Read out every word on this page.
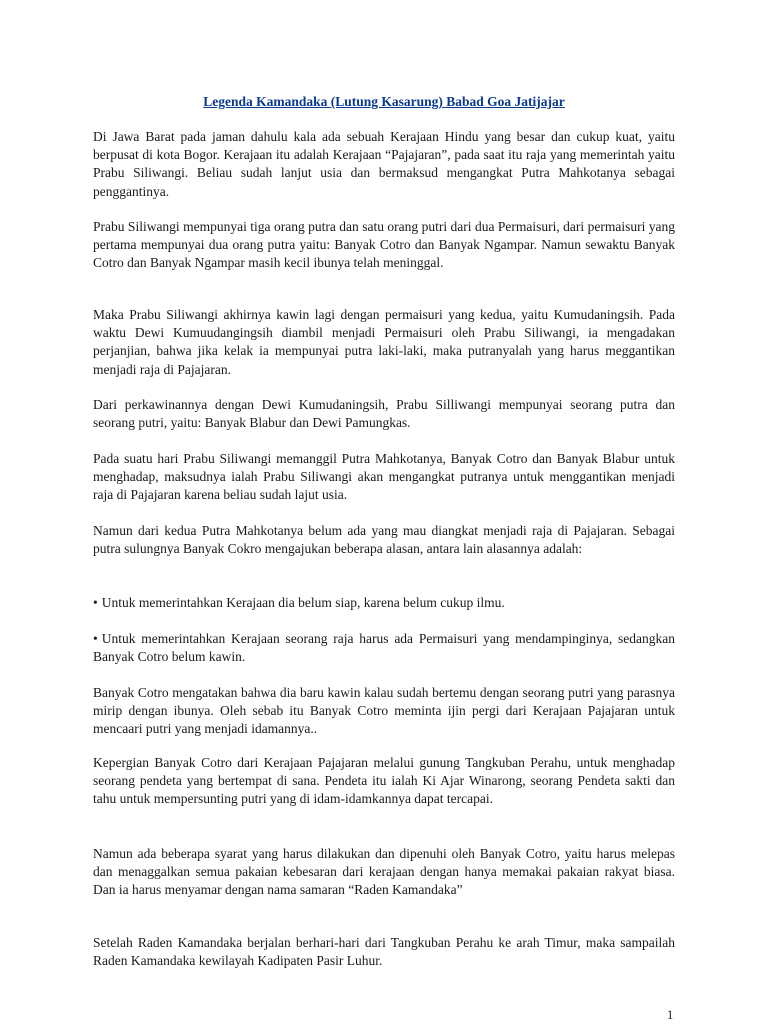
Legenda Kamandaka (Lutung Kasarung) Babad Goa Jatijajar

Di Jawa Barat pada jaman dahulu kala ada sebuah Kerajaan Hindu yang besar dan cukup kuat, yaitu berpusat di kota Bogor. Kerajaan itu adalah Kerajaan “Pajajaran”, pada saat itu raja yang memerintah yaitu Prabu Siliwangi. Beliau sudah lanjut usia dan bermaksud mengangkat Putra Mahkotanya sebagai penggantinya.

Prabu Siliwangi mempunyai tiga orang putra dan satu orang putri dari dua Permaisuri, dari permaisuri yang pertama mempunyai dua orang putra yaitu: Banyak Cotro dan Banyak Ngampar. Namun sewaktu Banyak Cotro dan Banyak Ngampar masih kecil ibunya telah meninggal.

Maka Prabu Siliwangi akhirnya kawin lagi dengan permaisuri yang kedua, yaitu Kumudaningsih. Pada waktu Dewi Kumuudangingsih diambil menjadi Permaisuri oleh Prabu Siliwangi, ia mengadakan perjanjian, bahwa jika kelak ia mempunyai putra laki-laki, maka putranyalah yang harus meggantikan menjadi raja di Pajajaran.

Dari perkawinannya dengan Dewi Kumudaningsih, Prabu Silliwangi mempunyai seorang putra dan seorang putri, yaitu: Banyak Blabur dan Dewi Pamungkas.

Pada suatu hari Prabu Siliwangi memanggil Putra Mahkotanya, Banyak Cotro dan Banyak Blabur untuk menghadap, maksudnya ialah Prabu Siliwangi akan mengangkat putranya untuk menggantikan menjadi raja di Pajajaran karena beliau sudah lajut usia.

Namun dari kedua Putra Mahkotanya belum ada yang mau diangkat menjadi raja di Pajajaran. Sebagai putra sulungnya Banyak Cokro mengajukan beberapa alasan, antara lain alasannya adalah:

• Untuk memerintahkan Kerajaan dia belum siap, karena belum cukup ilmu.

• Untuk memerintahkan Kerajaan seorang raja harus ada Permaisuri yang mendampinginya, sedangkan Banyak Cotro belum kawin.

Banyak Cotro mengatakan bahwa dia baru kawin kalau sudah bertemu dengan seorang putri yang parasnya mirip dengan ibunya. Oleh sebab itu Banyak Cotro meminta ijin pergi dari Kerajaan Pajajaran untuk mencaari putri yang menjadi idamannya..

Kepergian Banyak Cotro dari Kerajaan Pajajaran melalui gunung Tangkuban Perahu, untuk menghadap seorang pendeta yang bertempat di sana. Pendeta itu ialah Ki Ajar Winarong, seorang Pendeta sakti dan tahu untuk mempersunting putri yang di idam-idamkannya dapat tercapai.

Namun ada beberapa syarat yang harus dilakukan dan dipenuhi oleh Banyak Cotro, yaitu harus melepas dan menaggalkan semua pakaian kebesaran dari kerajaan dengan hanya memakai pakaian rakyat biasa. Dan ia harus menyamar dengan nama samaran “Raden Kamandaka”

Setelah Raden Kamandaka berjalan berhari-hari dari Tangkuban Perahu ke arah Timur, maka sampailah Raden Kamandaka kewilayah Kadipaten Pasir Luhur.

1
